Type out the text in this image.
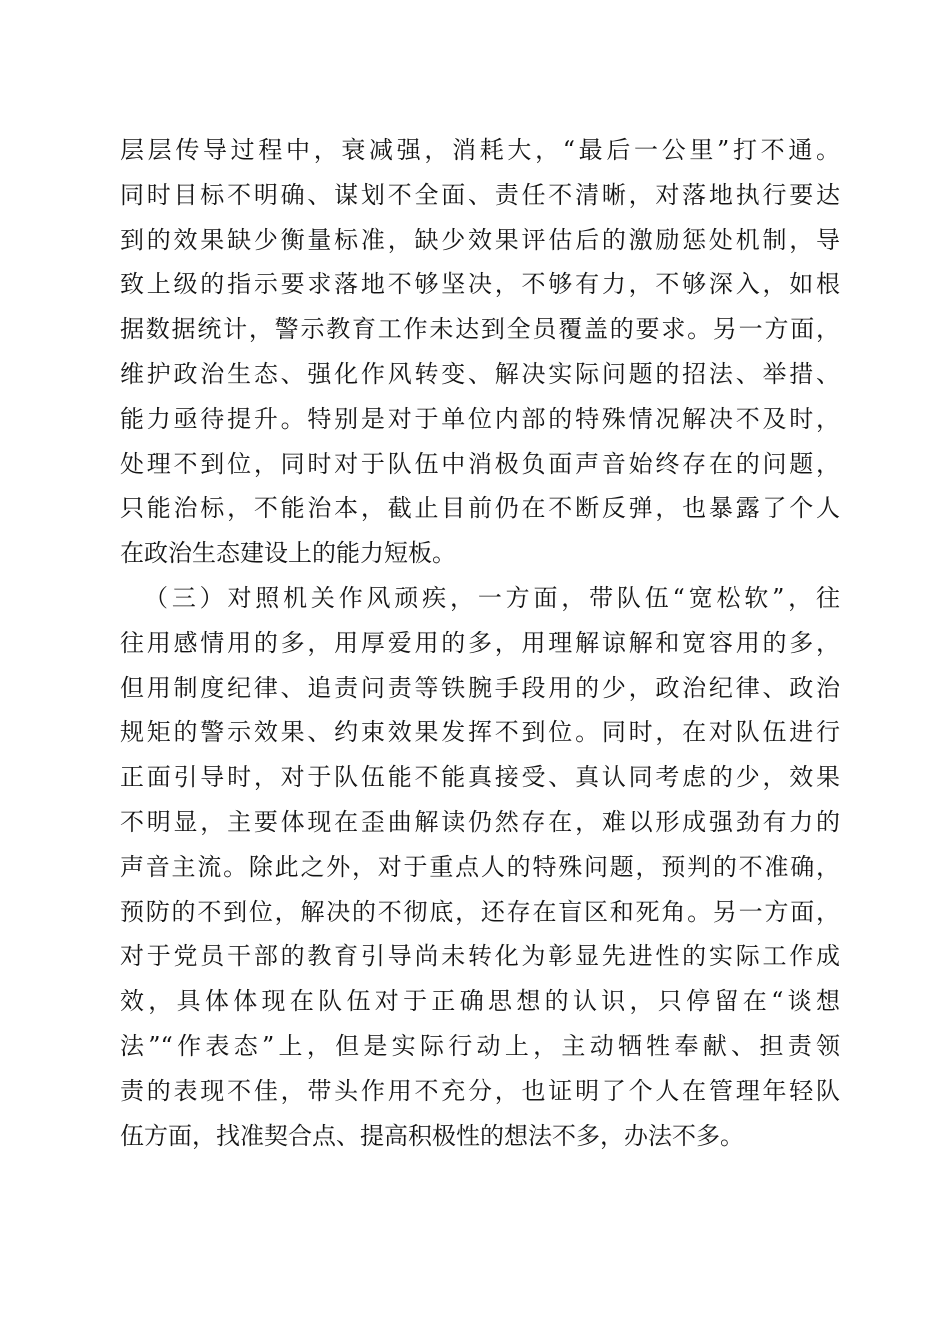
层层传导过程中，衰减强，消耗大，“最后一公里”打不通。
同时目标不明确、谋划不全面、责任不清晰，对落地执行要达
到的效果缺少衡量标准，缺少效果评估后的激励惩处机制，导
致上级的指示要求落地不够坚决，不够有力，不够深入，如根
据数据统计，警示教育工作未达到全员覆盖的要求。另一方面，
维护政治生态、强化作风转变、解决实际问题的招法、举措、
能力亟待提升。特别是对于单位内部的特殊情况解决不及时，
处理不到位，同时对于队伍中消极负面声音始终存在的问题，
只能治标，不能治本，截止目前仍在不断反弹，也暴露了个人
在政治生态建设上的能力短板。
（三）对照机关作风顽疾，一方面，带队伍“宽松软”，往
往用感情用的多，用厚爱用的多，用理解谅解和宽容用的多，
但用制度纪律、追责问责等铁腕手段用的少，政治纪律、政治
规矩的警示效果、约束效果发挥不到位。同时，在对队伍进行
正面引导时，对于队伍能不能真接受、真认同考虑的少，效果
不明显，主要体现在歪曲解读仍然存在，难以形成强劲有力的
声音主流。除此之外，对于重点人的特殊问题，预判的不准确，
预防的不到位，解决的不彻底，还存在盲区和死角。另一方面，
对于党员干部的教育引导尚未转化为彰显先进性的实际工作成
效，具体体现在队伍对于正确思想的认识，只停留在“谈想
法”“作表态”上，但是实际行动上，主动牺牲奉献、担责领
责的表现不佳，带头作用不充分，也证明了个人在管理年轻队
伍方面，找准契合点、提高积极性的想法不多，办法不多。
